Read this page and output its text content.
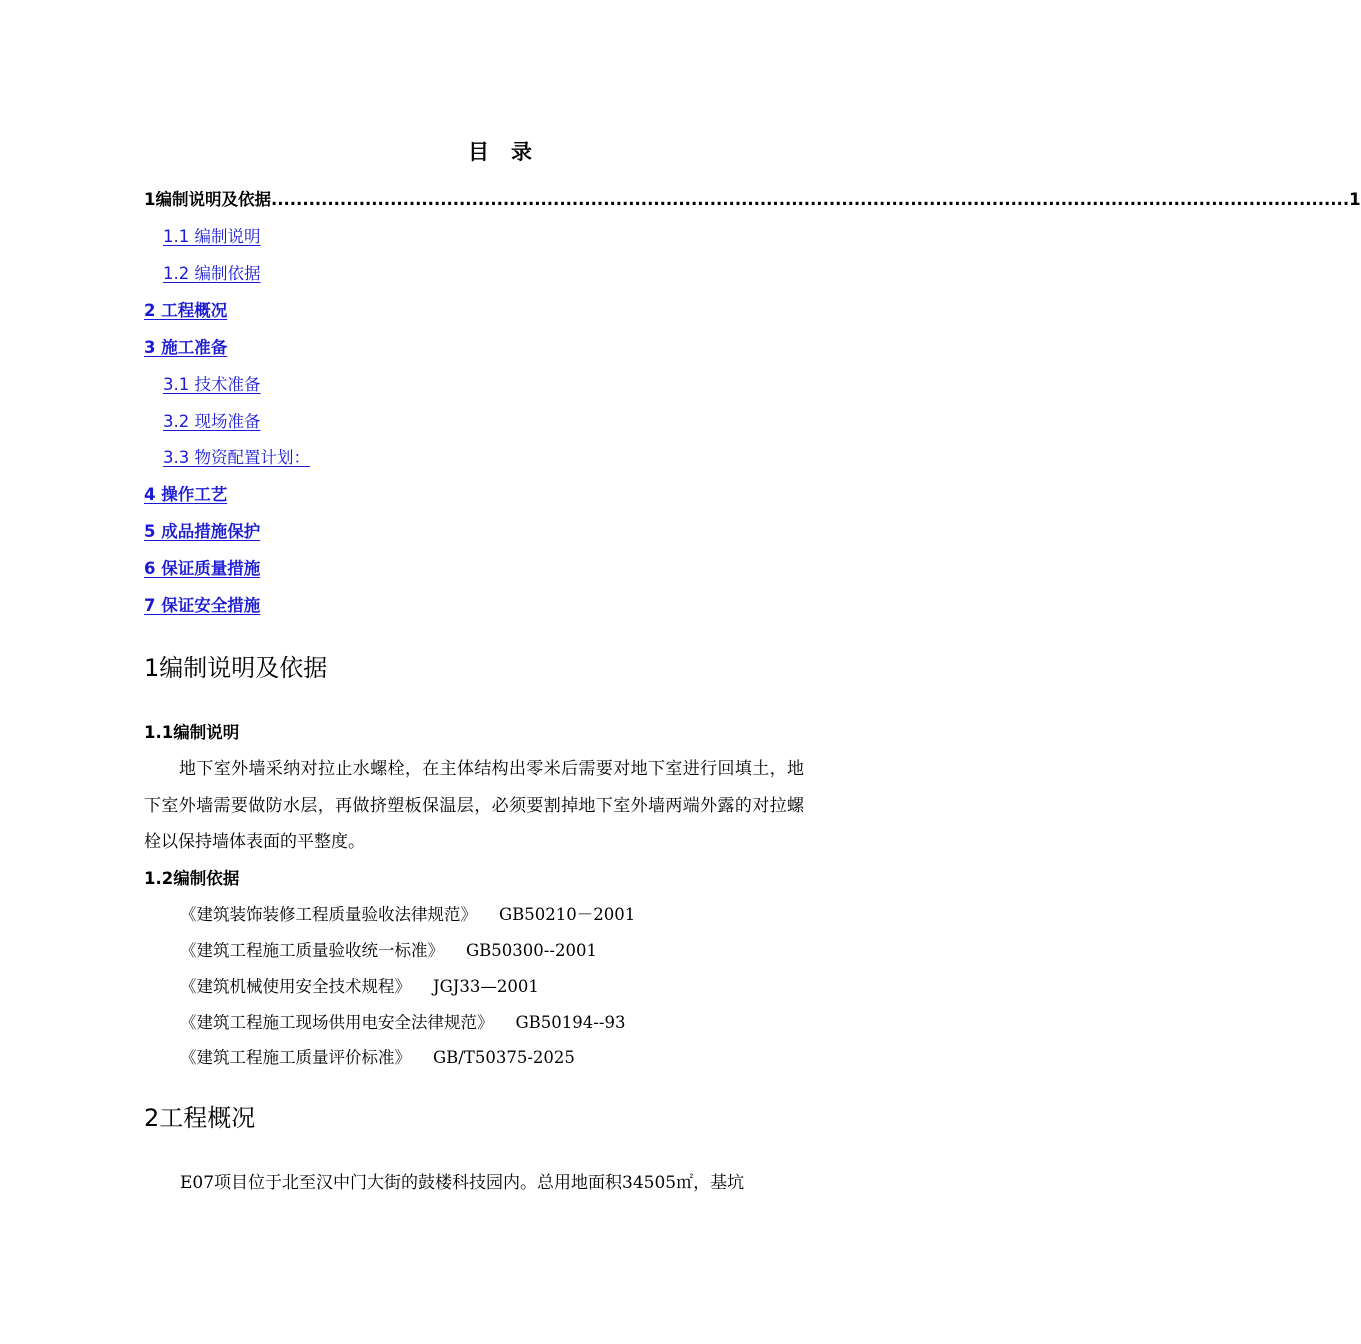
目 录
1编制说明及依据 ............................................................................................................................................................................ 1
1.1 编制说明
1.2 编制依据
2 工程概况
3 施工准备
3.1 技术准备
3.2 现场准备
3.3 物资配置计划：
4 操作工艺
5 成品措施保护
6 保证质量措施
7 保证安全措施
1编制说明及依据
1.1编制说明
地下室外墙采纳对拉止水螺栓，在主体结构出零米后需要对地下室进行回填土，地下室外墙需要做防水层，再做挤塑板保温层，必须要割掉地下室外墙两端外露的对拉螺栓以保持墙体表面的平整度。
1.2编制依据
《建筑装饰装修工程质量验收法律规范》 GB50210－2001
《建筑工程施工质量验收统一标准》 GB50300--2001
《建筑机械使用安全技术规程》 JGJ33—2001
《建筑工程施工现场供用电安全法律规范》 GB50194--93
《建筑工程施工质量评价标准》 GB/T50375-2025
2工程概况
E07项目位于北至汉中门大街的鼓楼科技园内。总用地面积34505㎡，基坑
